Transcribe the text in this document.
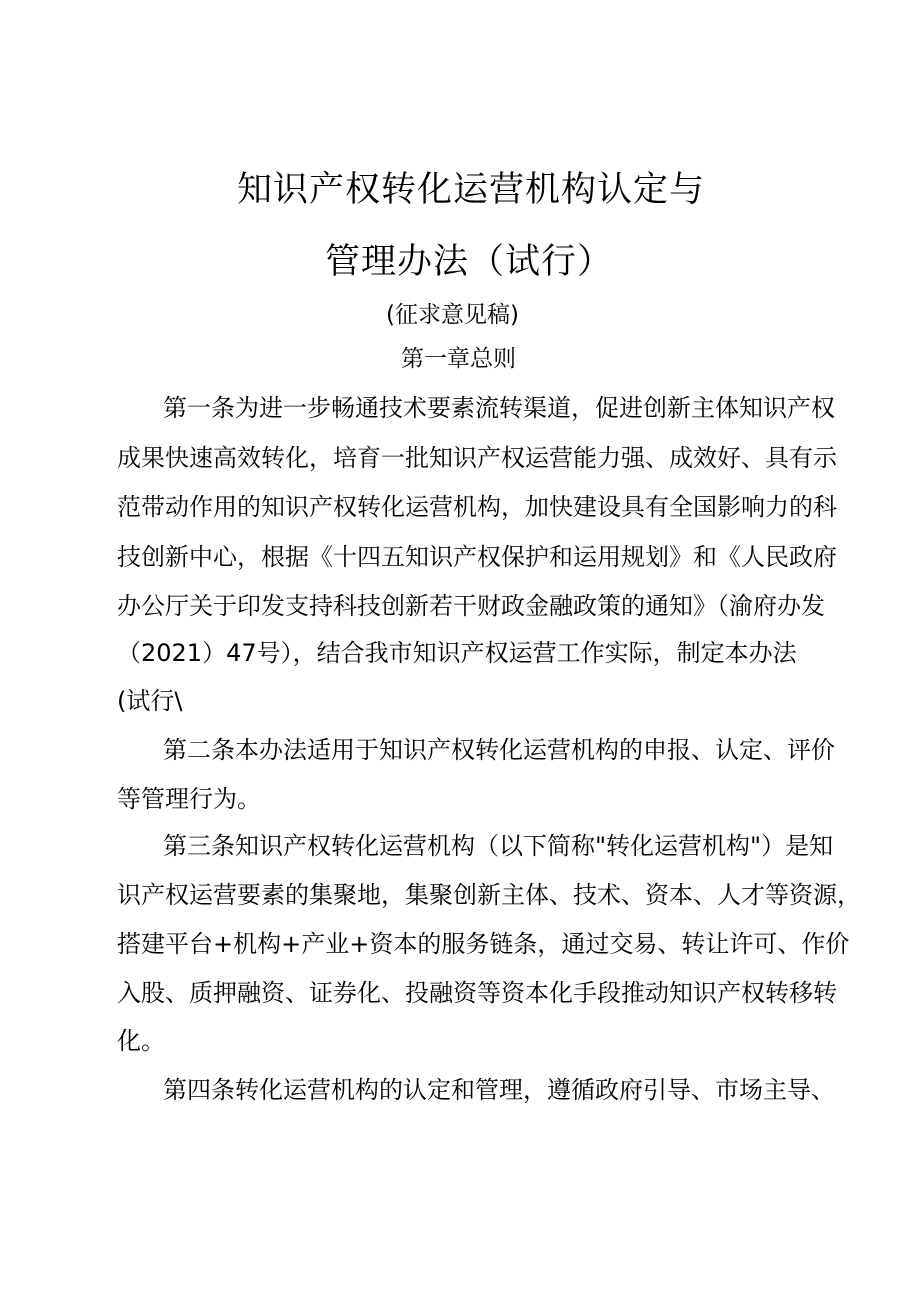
知识产权转化运营机构认定与
管理办法（试行）
(征求意见稿)
第一章总则
第一条为进一步畅通技术要素流转渠道，促进创新主体知识产权
成果快速高效转化，培育一批知识产权运营能力强、成效好、具有示
范带动作用的知识产权转化运营机构，加快建设具有全国影响力的科
技创新中心，根据《十四五知识产权保护和运用规划》和《人民政府
办公厅关于印发支持科技创新若干财政金融政策的通知》（渝府办发
（2021）47号），结合我市知识产权运营工作实际，制定本办法
(试行\
第二条本办法适用于知识产权转化运营机构的申报、认定、评价
等管理行为。
第三条知识产权转化运营机构（以下简称"转化运营机构"）是知
识产权运营要素的集聚地，集聚创新主体、技术、资本、人才等资源，
搭建平台+机构+产业+资本的服务链条，通过交易、转让许可、作价
入股、质押融资、证券化、投融资等资本化手段推动知识产权转移转
化。
第四条转化运营机构的认定和管理，遵循政府引导、市场主导、
